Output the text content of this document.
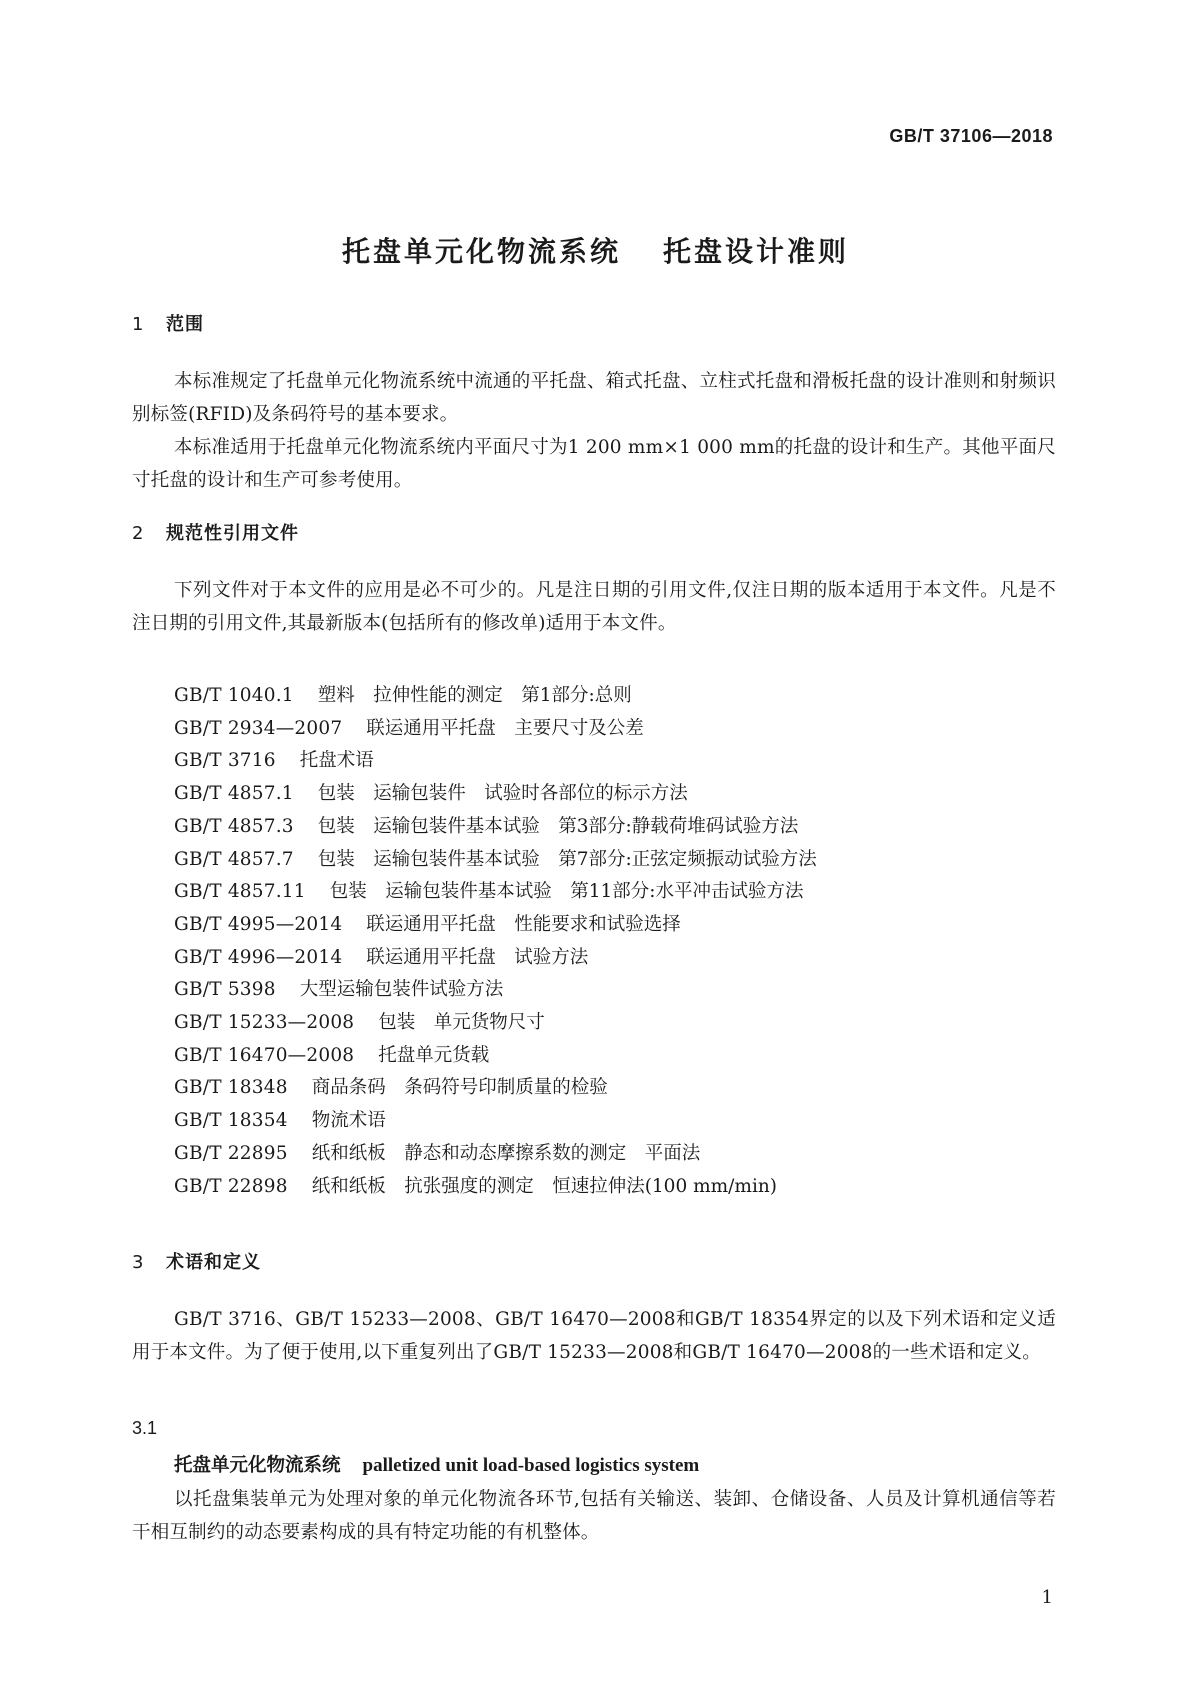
GB/T 37106—2018
托盘单元化物流系统 托盘设计准则
1 范围
本标准规定了托盘单元化物流系统中流通的平托盘、箱式托盘、立柱式托盘和滑板托盘的设计准则和射频识别标签(RFID)及条码符号的基本要求。
本标准适用于托盘单元化物流系统内平面尺寸为1 200 mm×1 000 mm的托盘的设计和生产。其他平面尺寸托盘的设计和生产可参考使用。
2 规范性引用文件
下列文件对于本文件的应用是必不可少的。凡是注日期的引用文件,仅注日期的版本适用于本文件。凡是不注日期的引用文件,其最新版本(包括所有的修改单)适用于本文件。
GB/T 1040.1 塑料　拉伸性能的测定　第1部分:总则
GB/T 2934—2007 联运通用平托盘　主要尺寸及公差
GB/T 3716 托盘术语
GB/T 4857.1 包装　运输包装件　试验时各部位的标示方法
GB/T 4857.3 包装　运输包装件基本试验　第3部分:静载荷堆码试验方法
GB/T 4857.7 包装　运输包装件基本试验　第7部分:正弦定频振动试验方法
GB/T 4857.11 包装　运输包装件基本试验　第11部分:水平冲击试验方法
GB/T 4995—2014 联运通用平托盘　性能要求和试验选择
GB/T 4996—2014 联运通用平托盘　试验方法
GB/T 5398 大型运输包装件试验方法
GB/T 15233—2008 包装　单元货物尺寸
GB/T 16470—2008 托盘单元货载
GB/T 18348 商品条码　条码符号印制质量的检验
GB/T 18354 物流术语
GB/T 22895 纸和纸板　静态和动态摩擦系数的测定　平面法
GB/T 22898 纸和纸板　抗张强度的测定　恒速拉伸法(100 mm/min)
3 术语和定义
GB/T 3716、GB/T 15233—2008、GB/T 16470—2008和GB/T 18354界定的以及下列术语和定义适用于本文件。为了便于使用,以下重复列出了GB/T 15233—2008和GB/T 16470—2008的一些术语和定义。
3.1
托盘单元化物流系统 palletized unit load-based logistics system
以托盘集装单元为处理对象的单元化物流各环节,包括有关输送、装卸、仓储设备、人员及计算机通信等若干相互制约的动态要素构成的具有特定功能的有机整体。
1
